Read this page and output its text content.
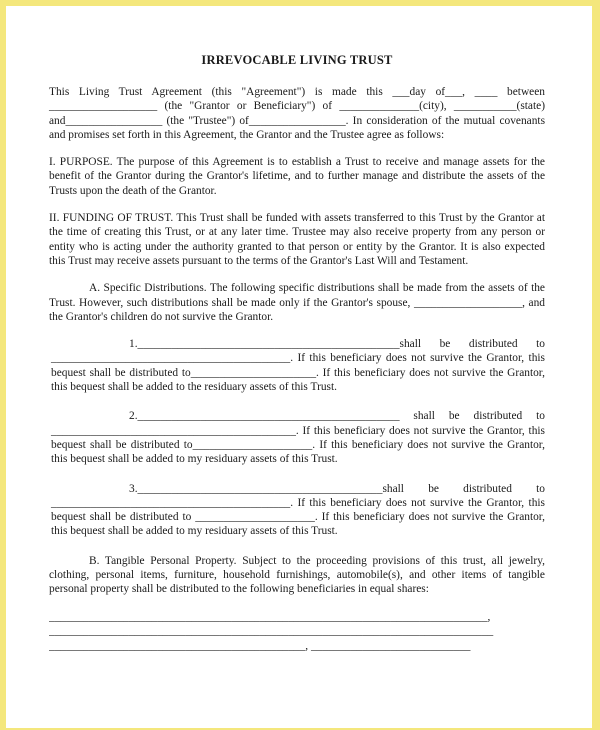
IRREVOCABLE LIVING TRUST

This Living Trust Agreement (this "Agreement") is made this ___day of___, ____ between ___________________ (the "Grantor or Beneficiary") of ______________(city), ___________(state) and_________________ (the "Trustee") of_________________. In consideration of the mutual covenants and promises set forth in this Agreement, the Grantor and the Trustee agree as follows:

I. PURPOSE. The purpose of this Agreement is to establish a Trust to receive and manage assets for the benefit of the Grantor during the Grantor's lifetime, and to further manage and distribute the assets of the Trusts upon the death of the Grantor.

II. FUNDING OF TRUST. This Trust shall be funded with assets transferred to this Trust by the Grantor at the time of creating this Trust, or at any later time. Trustee may also receive property from any person or entity who is acting under the authority granted to that person or entity by the Grantor. It is also expected this Trust may receive assets pursuant to the terms of the Grantor's Last Will and Testament.

A. Specific Distributions. The following specific distributions shall be made from the assets of the Trust. However, such distributions shall be made only if the Grantor's spouse, ___________________, and the Grantor's children do not survive the Grantor.

1.______________________________________________shall be distributed to __________________________________________. If this beneficiary does not survive the Grantor, this bequest shall be distributed to______________________. If this beneficiary does not survive the Grantor, this bequest shall be added to the residuary assets of this Trust.

2.______________________________________________ shall be distributed to ___________________________________________. If this beneficiary does not survive the Grantor, this bequest shall be distributed to_____________________. If this beneficiary does not survive the Grantor, this bequest shall be added to my residuary assets of this Trust.

3.___________________________________________shall be distributed to __________________________________________. If this beneficiary does not survive the Grantor, this bequest shall be distributed to _____________________. If this beneficiary does not survive the Grantor, this bequest shall be added to my residuary assets of this Trust.

B. Tangible Personal Property. Subject to the proceeding provisions of this trust, all jewelry, clothing, personal items, furniture, household furnishings, automobile(s), and other items of tangible personal property shall be distributed to the following beneficiaries in equal shares:

_____________________________________________________________________________,
______________________________________________________________________________
_____________________________________________, ____________________________
